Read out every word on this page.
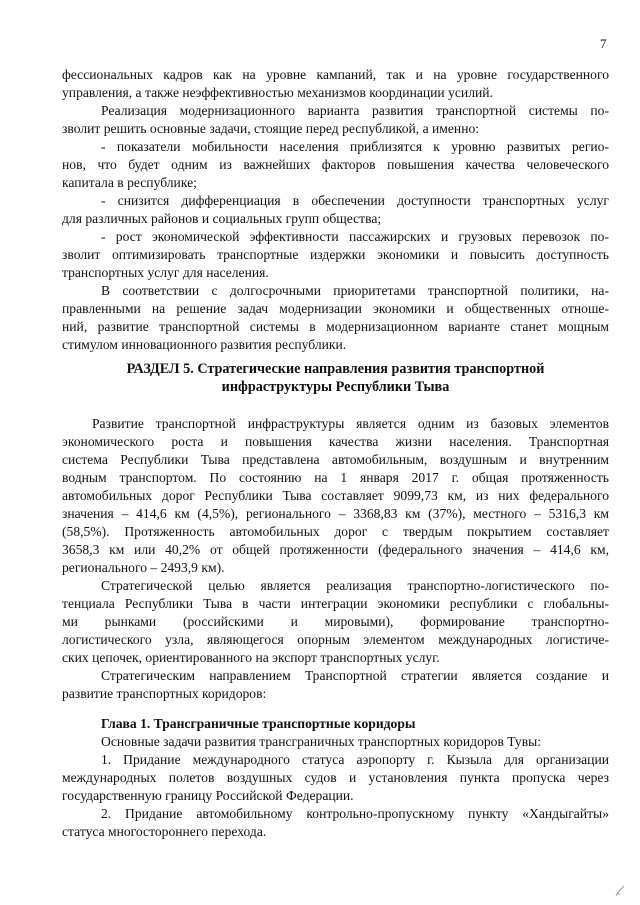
7
фессиональных кадров как на уровне кампаний, так и на уровне государственного
управления, а также неэффективностью механизмов координации усилий.
Реализация модернизационного варианта развития транспортной системы по-
зволит решить основные задачи, стоящие перед республикой, а именно:
- показатели мобильности населения приблизятся к уровню развитых регио-
нов, что будет одним из важнейших факторов повышения качества человеческого
капитала в республике;
- снизится дифференциация в обеспечении доступности транспортных услуг
для различных районов и социальных групп общества;
- рост экономической эффективности пассажирских и грузовых перевозок по-
зволит оптимизировать транспортные издержки экономики и повысить доступность
транспортных услуг для населения.
В соответствии с долгосрочными приоритетами транспортной политики, на-
правленными на решение задач модернизации экономики и общественных отноше-
ний, развитие транспортной системы в модернизационном варианте станет мощным
стимулом инновационного развития республики.
РАЗДЕЛ 5. Стратегические направления развития транспортной
инфраструктуры Республики Тыва
Развитие транспортной инфраструктуры является одним из базовых элементов
экономического роста и повышения качества жизни населения. Транспортная
система Республики Тыва представлена автомобильным, воздушным и внутренним
водным транспортом. По состоянию на 1 января 2017 г. общая протяженность
автомобильных дорог Республики Тыва составляет 9099,73 км, из них федерального
значения – 414,6 км (4,5%), регионального – 3368,83 км (37%), местного – 5316,3 км
(58,5%). Протяженность автомобильных дорог с твердым покрытием составляет
3658,3 км или 40,2% от общей протяженности (федерального значения – 414,6 км,
регионального – 2493,9 км).
Стратегической целью является реализация транспортно-логистического по-
тенциала Республики Тыва в части интеграции экономики республики с глобальны-
ми рынками (российскими и мировыми), формирование транспортно-
логистического узла, являющегося опорным элементом международных логистиче-
ских цепочек, ориентированного на экспорт транспортных услуг.
Стратегическим направлением Транспортной стратегии является создание и
развитие транспортных коридоров:
Глава 1. Трансграничные транспортные коридоры
Основные задачи развития трансграничных транспортных коридоров Тувы:
1. Придание международного статуса аэропорту г. Кызыла для организации
международных полетов воздушных судов и установления пункта пропуска через
государственную границу Российской Федерации.
2. Придание автомобильному контрольно-пропускному пункту «Хандыгайты»
статуса многостороннего перехода.
